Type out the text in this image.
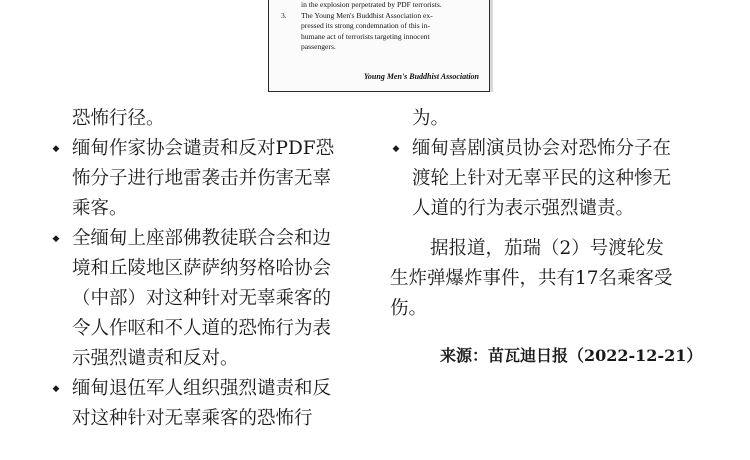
in the explosion perpetrated by PDF terrorists.
3. The Young Men's Buddhist Association ex-
pressed its strong condemnation of this in-
humane act of terrorists targeting innocent
passengers.
Young Men's Buddhist Association
恐怖行径。
◆ 缅甸作家协会谴责和反对PDF恐
怖分子进行地雷袭击并伤害无辜
乘客。
◆ 全缅甸上座部佛教徒联合会和边
境和丘陵地区萨萨纳努格哈协会
（中部）对这种针对无辜乘客的
令人作呕和不人道的恐怖行为表
示强烈谴责和反对。
◆ 缅甸退伍军人组织强烈谴责和反
对这种针对无辜乘客的恐怖行
为。
◆ 缅甸喜剧演员协会对恐怖分子在
渡轮上针对无辜平民的这种惨无
人道的行为表示强烈谴责。
据报道，茄瑞（2）号渡轮发
生炸弹爆炸事件，共有17名乘客受
伤。
来源：苗瓦迪日报（2022-12-21）
